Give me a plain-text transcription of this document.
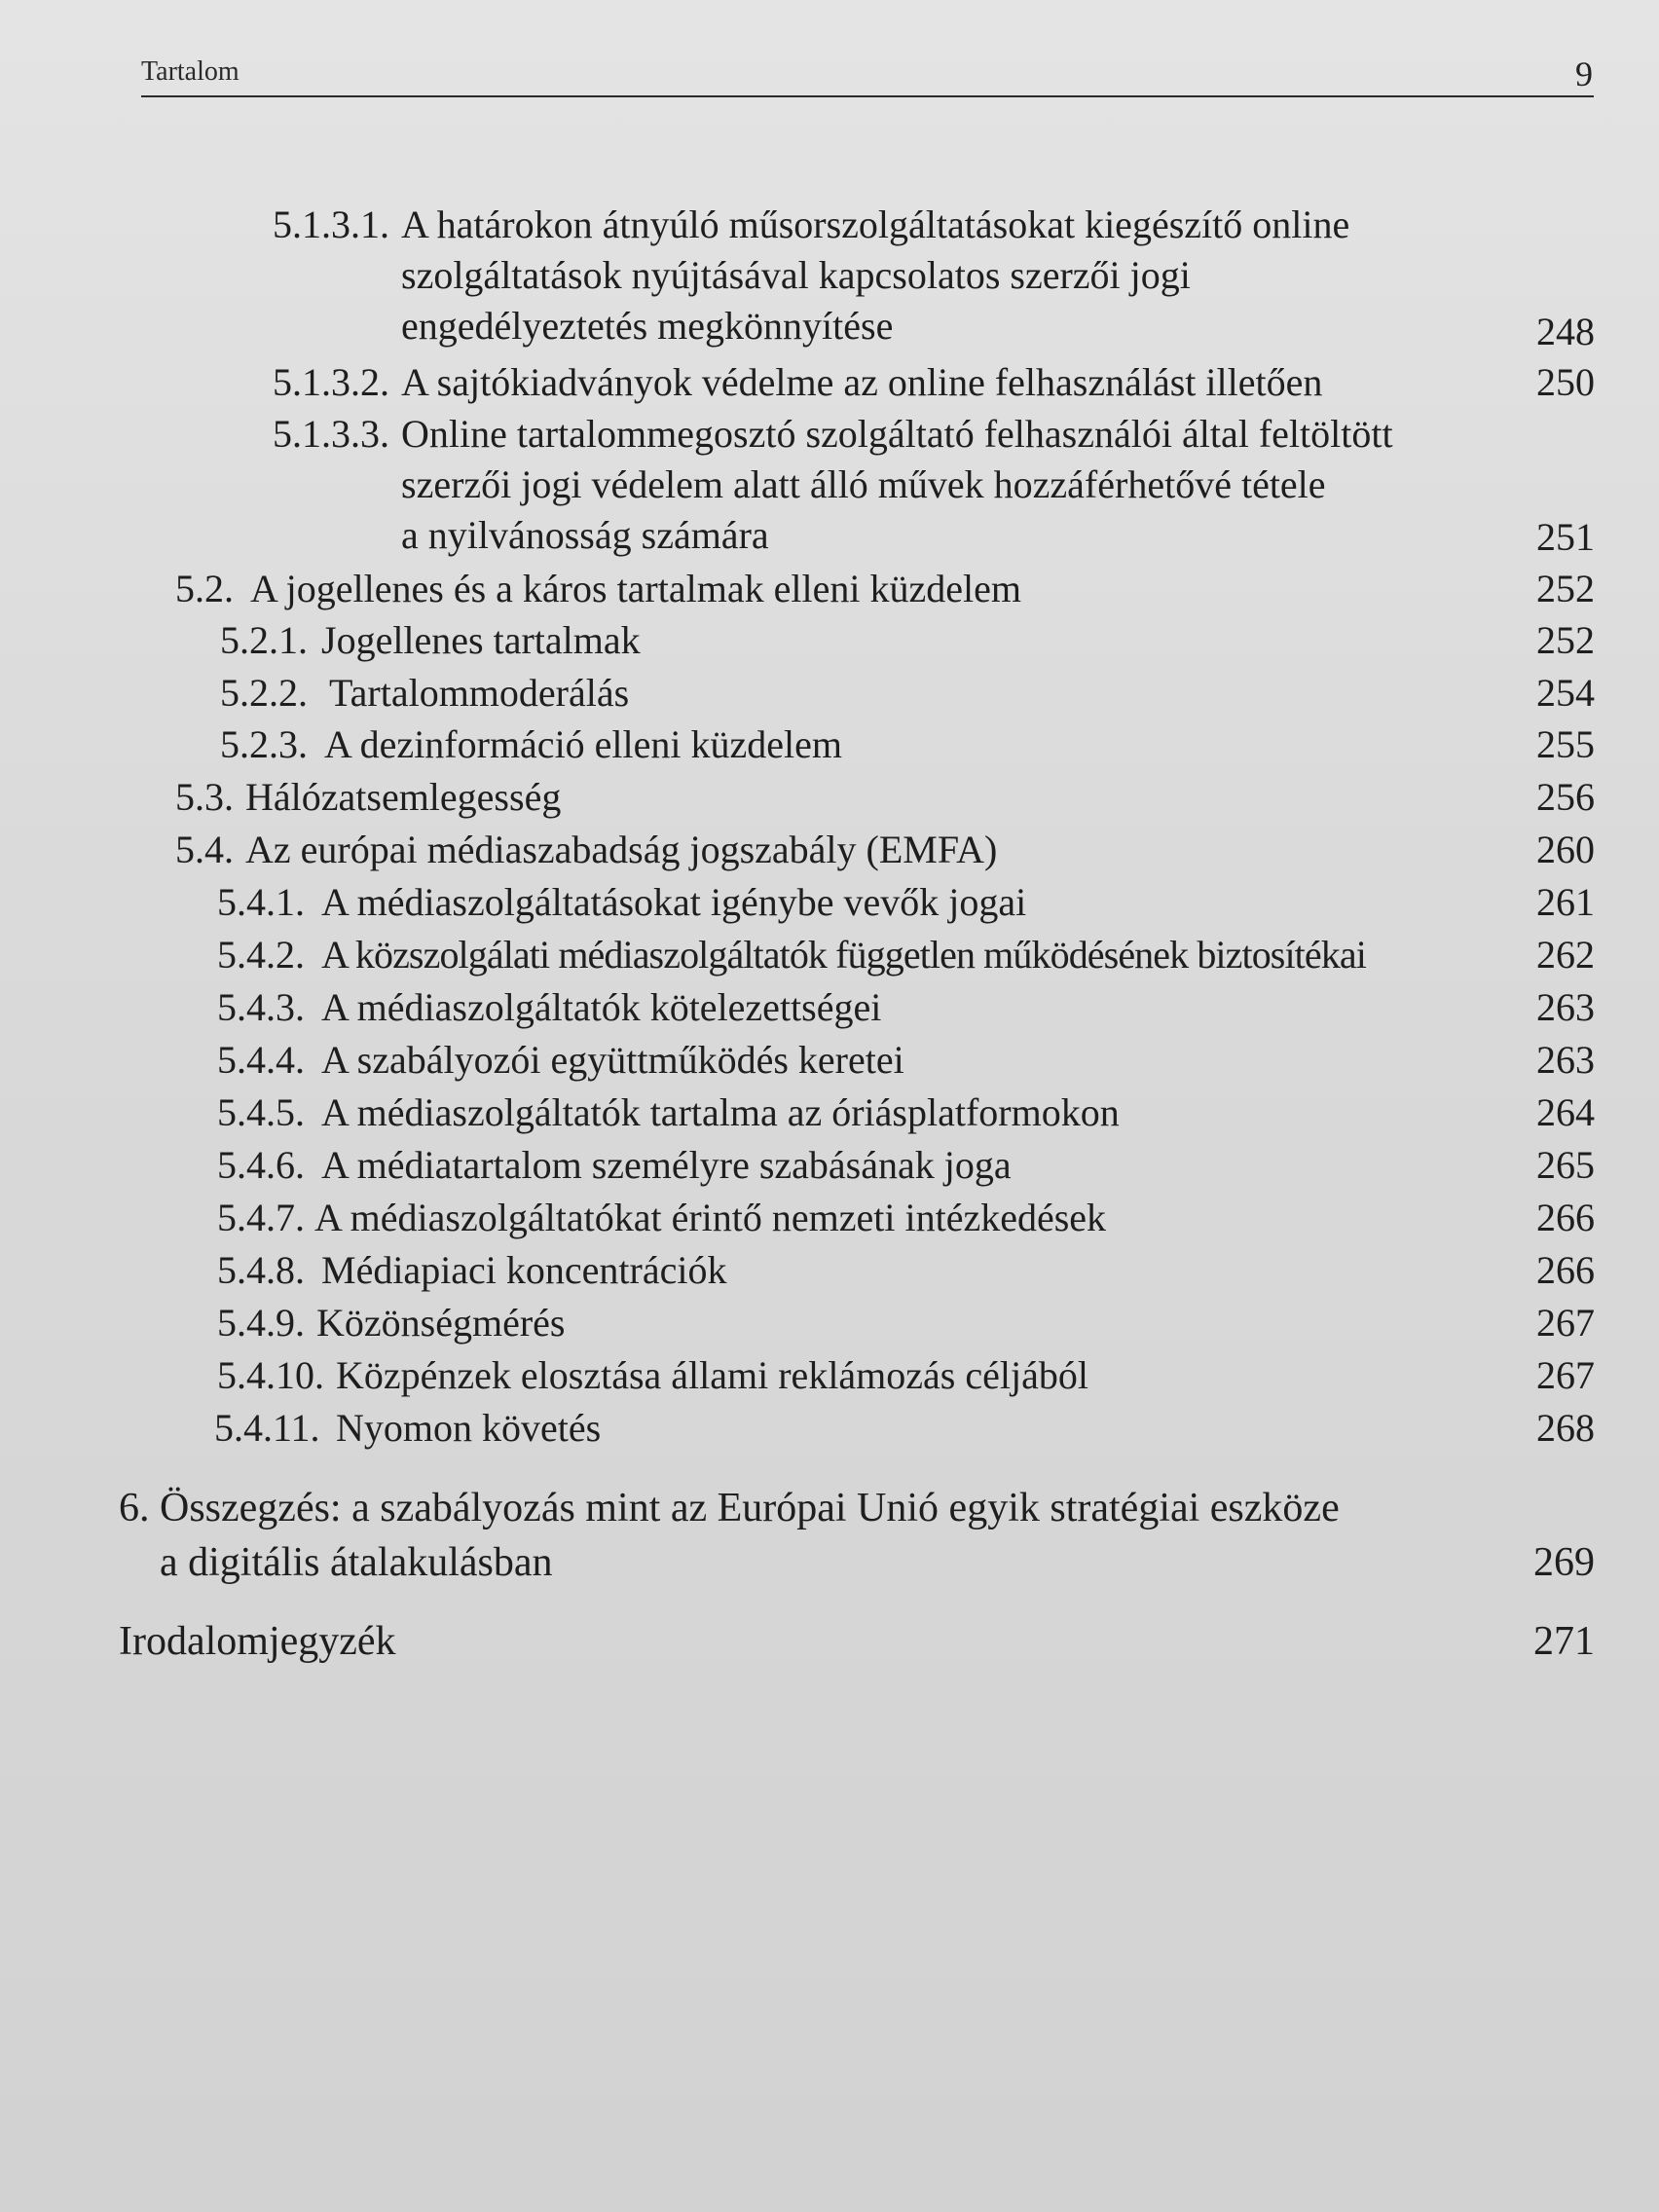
Tartalom	9
5.1.3.1. A határokon átnyúló műsorszolgáltatásokat kiegészítő online
szolgáltatások nyújtásával kapcsolatos szerzői jogi
engedélyeztetés megkönnyítése	248
5.1.3.2. A sajtókiadványok védelme az online felhasználást illetően	250
5.1.3.3. Online tartalommegosztó szolgáltató felhasználói által feltöltött
szerzői jogi védelem alatt álló művek hozzáférhetővé tétele
a nyilvánosság számára	251
5.2. A jogellenes és a káros tartalmak elleni küzdelem	252
5.2.1. Jogellenes tartalmak	252
5.2.2. Tartalommoderálás	254
5.2.3. A dezinformáció elleni küzdelem	255
5.3. Hálózatsemlegesség	256
5.4. Az európai médiaszabadság jogszabály (EMFA)	260
5.4.1. A médiaszolgáltatásokat igénybe vevők jogai	261
5.4.2. A közszolgálati médiaszolgáltatók független működésének biztosítékai	262
5.4.3. A médiaszolgáltatók kötelezettségei	263
5.4.4. A szabályozói együttműködés keretei	263
5.4.5. A médiaszolgáltatók tartalma az óriásplatformokon	264
5.4.6. A médiatartalom személyre szabásának joga	265
5.4.7. A médiaszolgáltatókat érintő nemzeti intézkedések	266
5.4.8. Médiapiaci koncentrációk	266
5.4.9. Közönségmérés	267
5.4.10. Közpénzek elosztása állami reklámozás céljából	267
5.4.11. Nyomon követés	268
6. Összegzés: a szabályozás mint az Európai Unió egyik stratégiai eszköze
a digitális átalakulásban	269
Irodalomjegyzék	271
